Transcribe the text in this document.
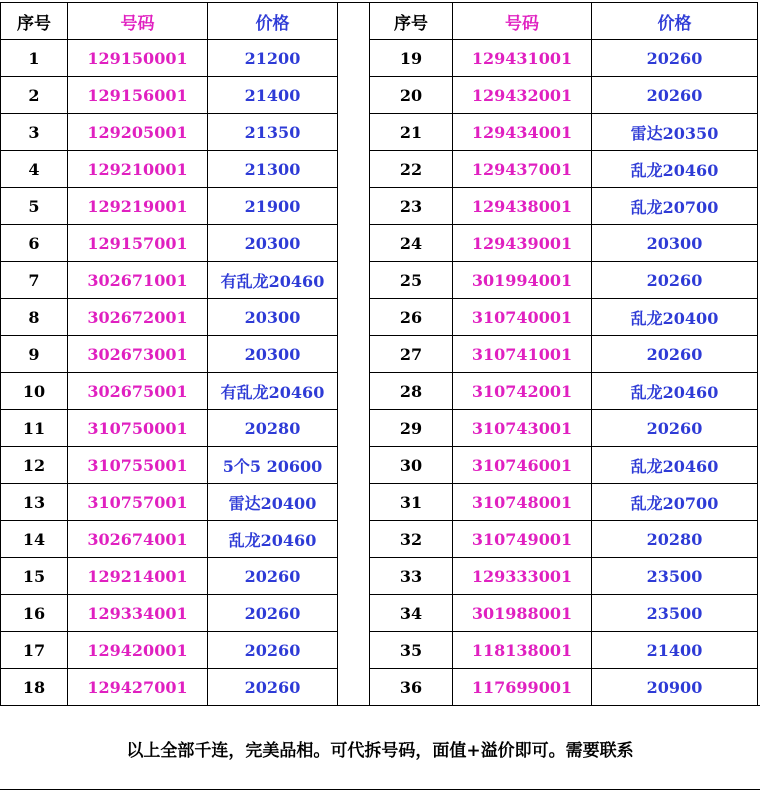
序号	号码	价格
1	129150001	21200
2	129156001	21400
3	129205001	21350
4	129210001	21300
5	129219001	21900
6	129157001	20300
7	302671001	有乱龙20460
8	302672001	20300
9	302673001	20300
10	302675001	有乱龙20460
11	310750001	20280
12	310755001	5个5 20600
13	310757001	雷达20400
14	302674001	乱龙20460
15	129214001	20260
16	129334001	20260
17	129420001	20260
18	129427001	20260
序号	号码	价格
19	129431001	20260
20	129432001	20260
21	129434001	雷达20350
22	129437001	乱龙20460
23	129438001	乱龙20700
24	129439001	20300
25	301994001	20260
26	310740001	乱龙20400
27	310741001	20260
28	310742001	乱龙20460
29	310743001	20260
30	310746001	乱龙20460
31	310748001	乱龙20700
32	310749001	20280
33	129333001	23500
34	301988001	23500
35	118138001	21400
36	117699001	20900
以上全部千连，完美品相。可代拆号码，面值+溢价即可。需要联系
